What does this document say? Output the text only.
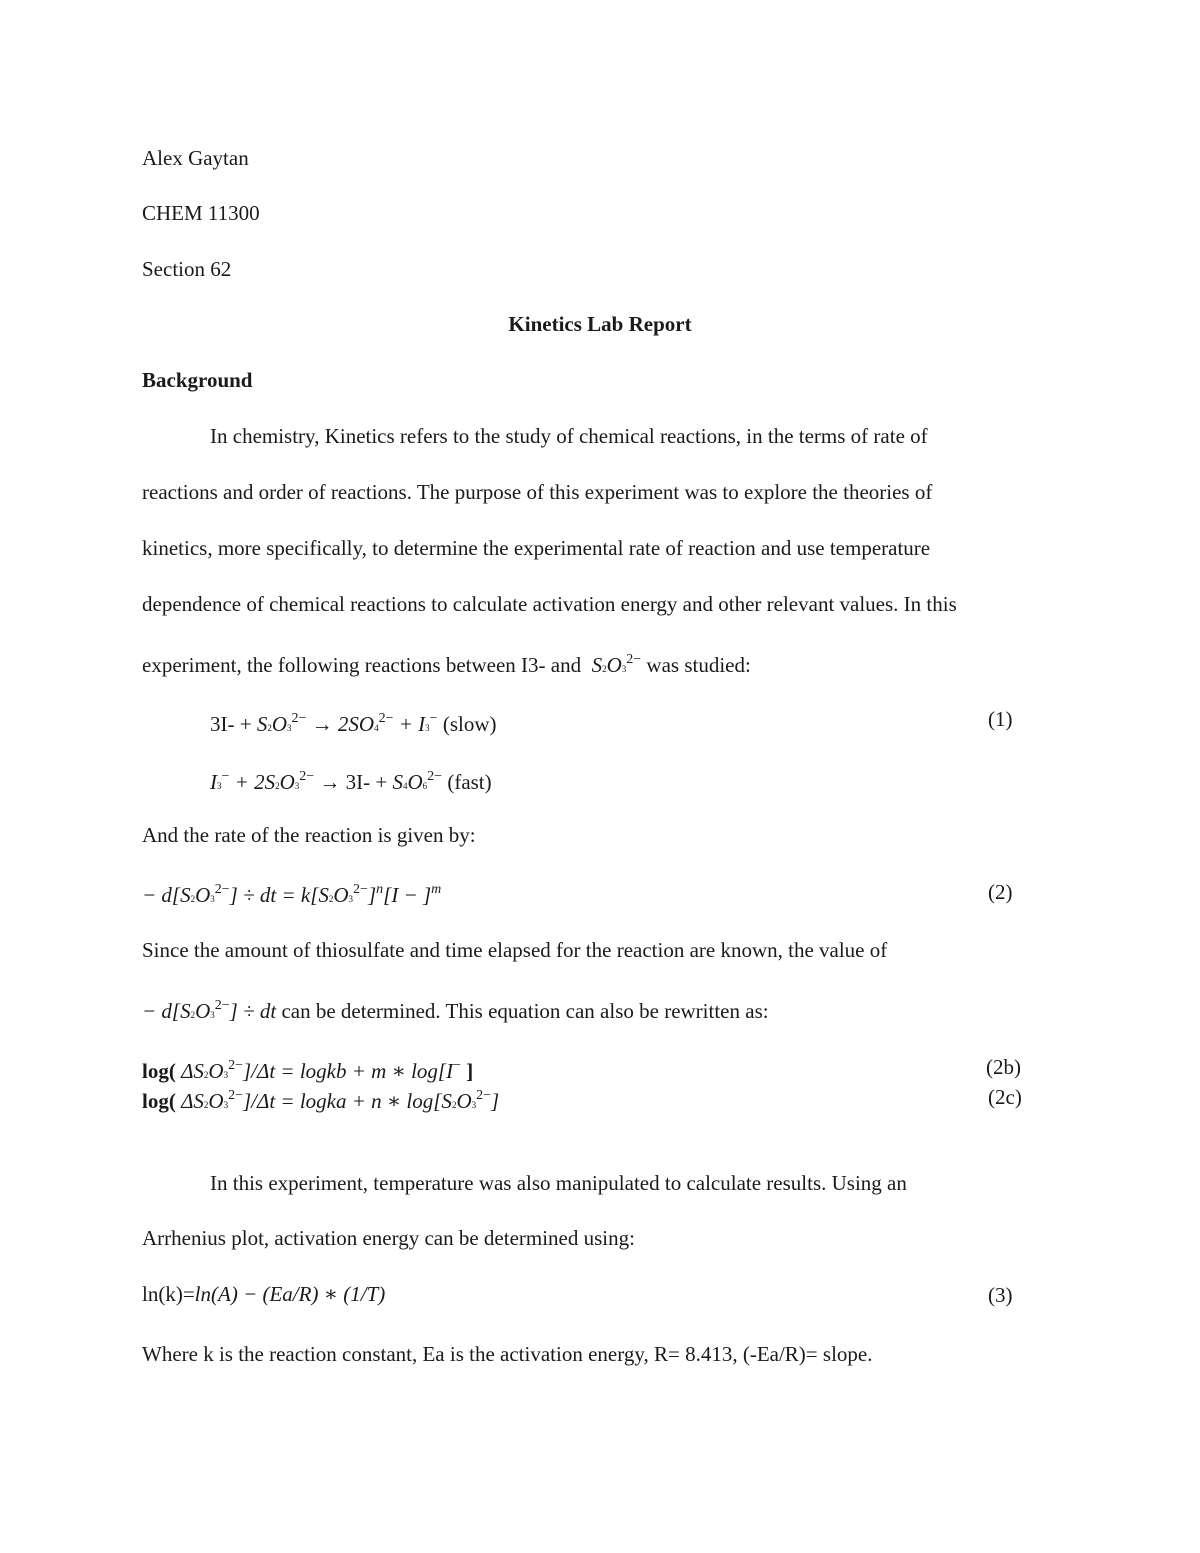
Alex Gaytan
CHEM 11300
Section 62
Kinetics Lab Report
Background
In chemistry, Kinetics refers to the study of chemical reactions, in the terms of rate of
reactions and order of reactions. The purpose of this experiment was to explore the theories of
kinetics, more specifically, to determine the experimental rate of reaction and use temperature
dependence of chemical reactions to calculate activation energy and other relevant values. In this
experiment, the following reactions between I3- and  $S2O3^{2-}$ was studied:
$3I- + S2O3^{2-} \to 2SO4^{2-} + I3^-$ (slow)	(1)
$I3^- + 2S2O3^{2-} \to 3I- + S4O6^{2-}$ (fast)
And the rate of the reaction is given by:
− $d[S2O3^{2-}]$ ÷ dt = $k[S2O3^{2-}]^n[I - ]^m$	(2)
Since the amount of thiosulfate and time elapsed for the reaction are known, the value of
− $d[S2O3^{2-}]$ ÷ dt can be determined. This equation can also be rewritten as:
log( $\Delta S2O3^{2-}]/\Delta t$ = logkb + m ∗ log[I− ]	(2b)
log( $\Delta S2O3^{2-}]/\Delta t$ = logka + n ∗ $\log[S2O3^{2-}]$	(2c)
In this experiment, temperature was also manipulated to calculate results. Using an
Arrhenius plot, activation energy can be determined using:
ln(k)=ln(A) − (Ea/R) ∗ (1/T)	(3)
Where k is the reaction constant, Ea is the activation energy, R= 8.413, (-Ea/R)= slope.
